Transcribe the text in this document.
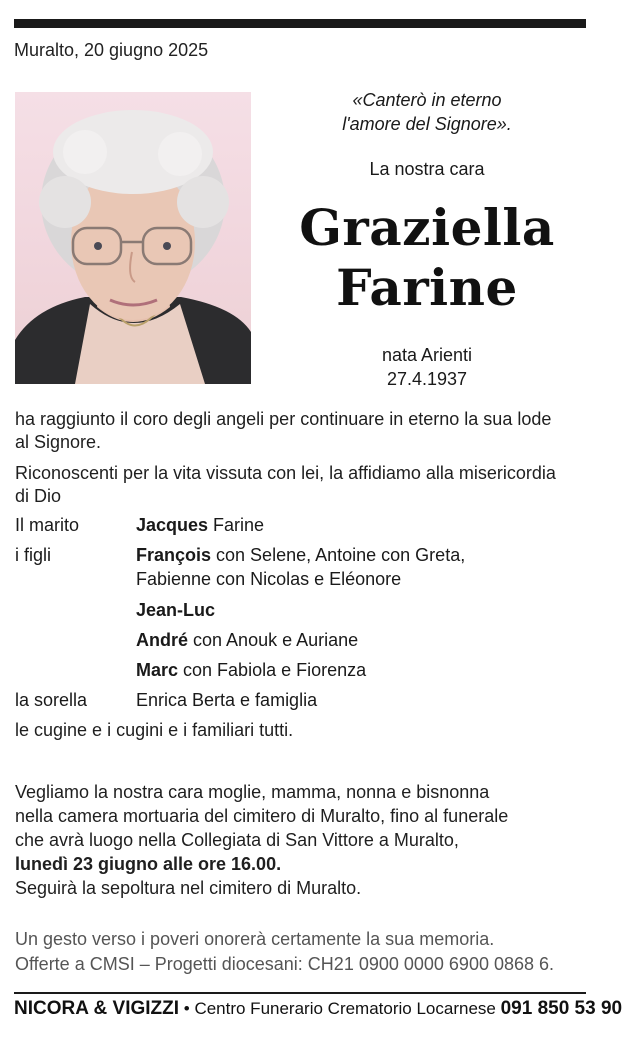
Muralto, 20 giugno 2025
«Canterò in eterno
l'amore del Signore».
La nostra cara
Graziella
Farine
nata Arienti
27.4.1937
ha raggiunto il coro degli angeli per continuare in eterno la sua lode
al Signore.
Riconoscenti per la vita vissuta con lei, la affidiamo alla misericordia
di Dio
Il marito	Jacques Farine
i figli	François con Selene, Antoine con Greta,
Fabienne con Nicolas e Eléonore
Jean-Luc
André con Anouk e Auriane
Marc con Fabiola e Fiorenza
la sorella	Enrica Berta e famiglia
le cugine e i cugini e i familiari tutti.
Vegliamo la nostra cara moglie, mamma, nonna e bisnonna
nella camera mortuaria del cimitero di Muralto, fino al funerale
che avrà luogo nella Collegiata di San Vittore a Muralto,
lunedì 23 giugno alle ore 16.00.
Seguirà la sepoltura nel cimitero di Muralto.
Un gesto verso i poveri onorerà certamente la sua memoria.
Offerte a CMSI – Progetti diocesani: CH21 0900 0000 6900 0868 6.
NICORA & VIGIZZI • Centro Funerario Crematorio Locarnese 091 850 53 90
